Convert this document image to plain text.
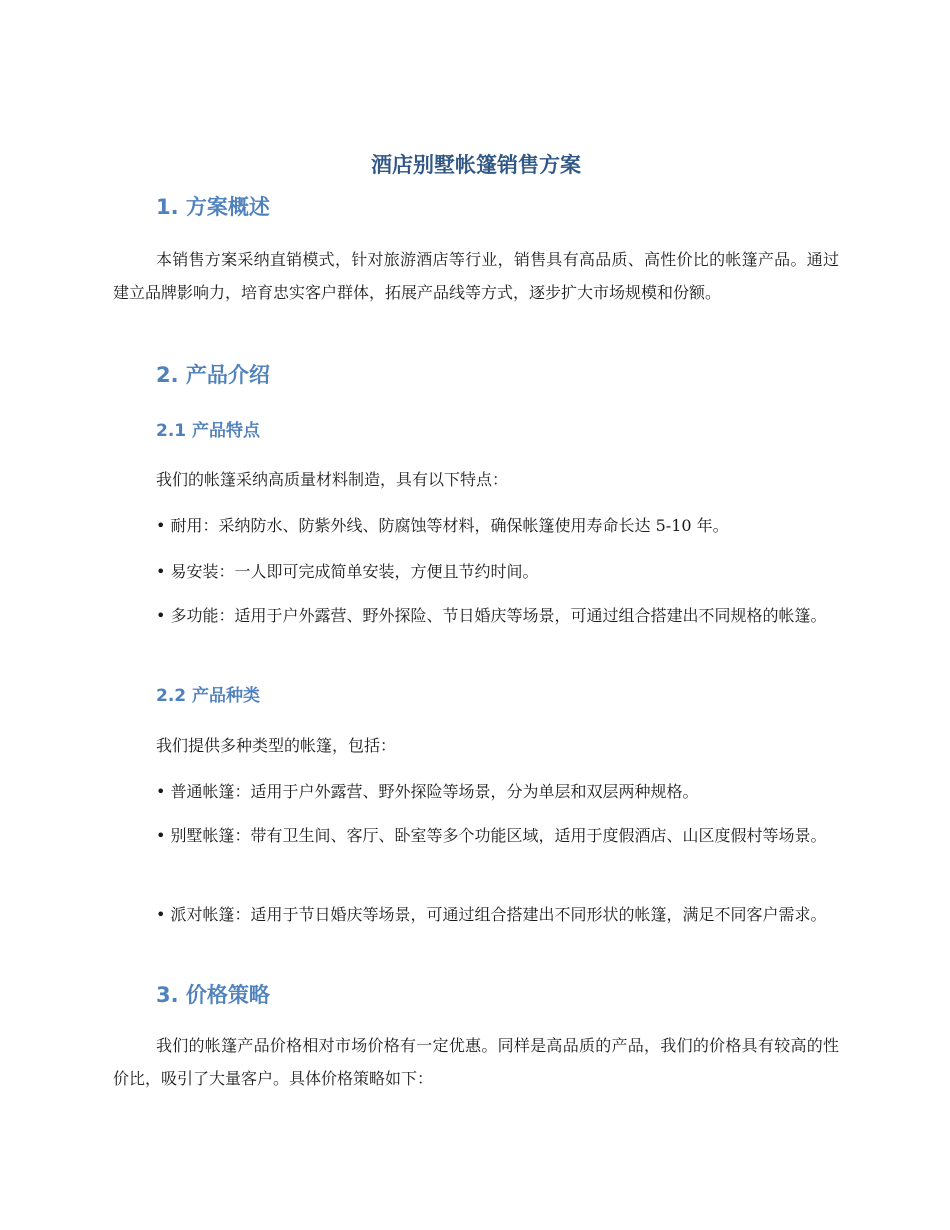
酒店别墅帐篷销售方案
1. 方案概述

本销售方案采纳直销模式，针对旅游酒店等行业，销售具有高品质、高性价比的帐篷产品。通过建立品牌影响力，培育忠实客户群体，拓展产品线等方式，逐步扩大市场规模和份额。

2. 产品介绍
2.1 产品特点

我们的帐篷采纳高质量材料制造，具有以下特点：

• 耐用：采纳防水、防紫外线、防腐蚀等材料，确保帐篷使用寿命长达 5-10 年。

• 易安装：一人即可完成简单安装，方便且节约时间。

• 多功能：适用于户外露营、野外探险、节日婚庆等场景，可通过组合搭建出不同规格的帐篷。

2.2 产品种类

我们提供多种类型的帐篷，包括：

• 普通帐篷：适用于户外露营、野外探险等场景，分为单层和双层两种规格。

• 别墅帐篷：带有卫生间、客厅、卧室等多个功能区域，适用于度假酒店、山区度假村等场景。

• 派对帐篷：适用于节日婚庆等场景，可通过组合搭建出不同形状的帐篷，满足不同客户需求。

3. 价格策略

我们的帐篷产品价格相对市场价格有一定优惠。同样是高品质的产品，我们的价格具有较高的性价比，吸引了大量客户。具体价格策略如下：
